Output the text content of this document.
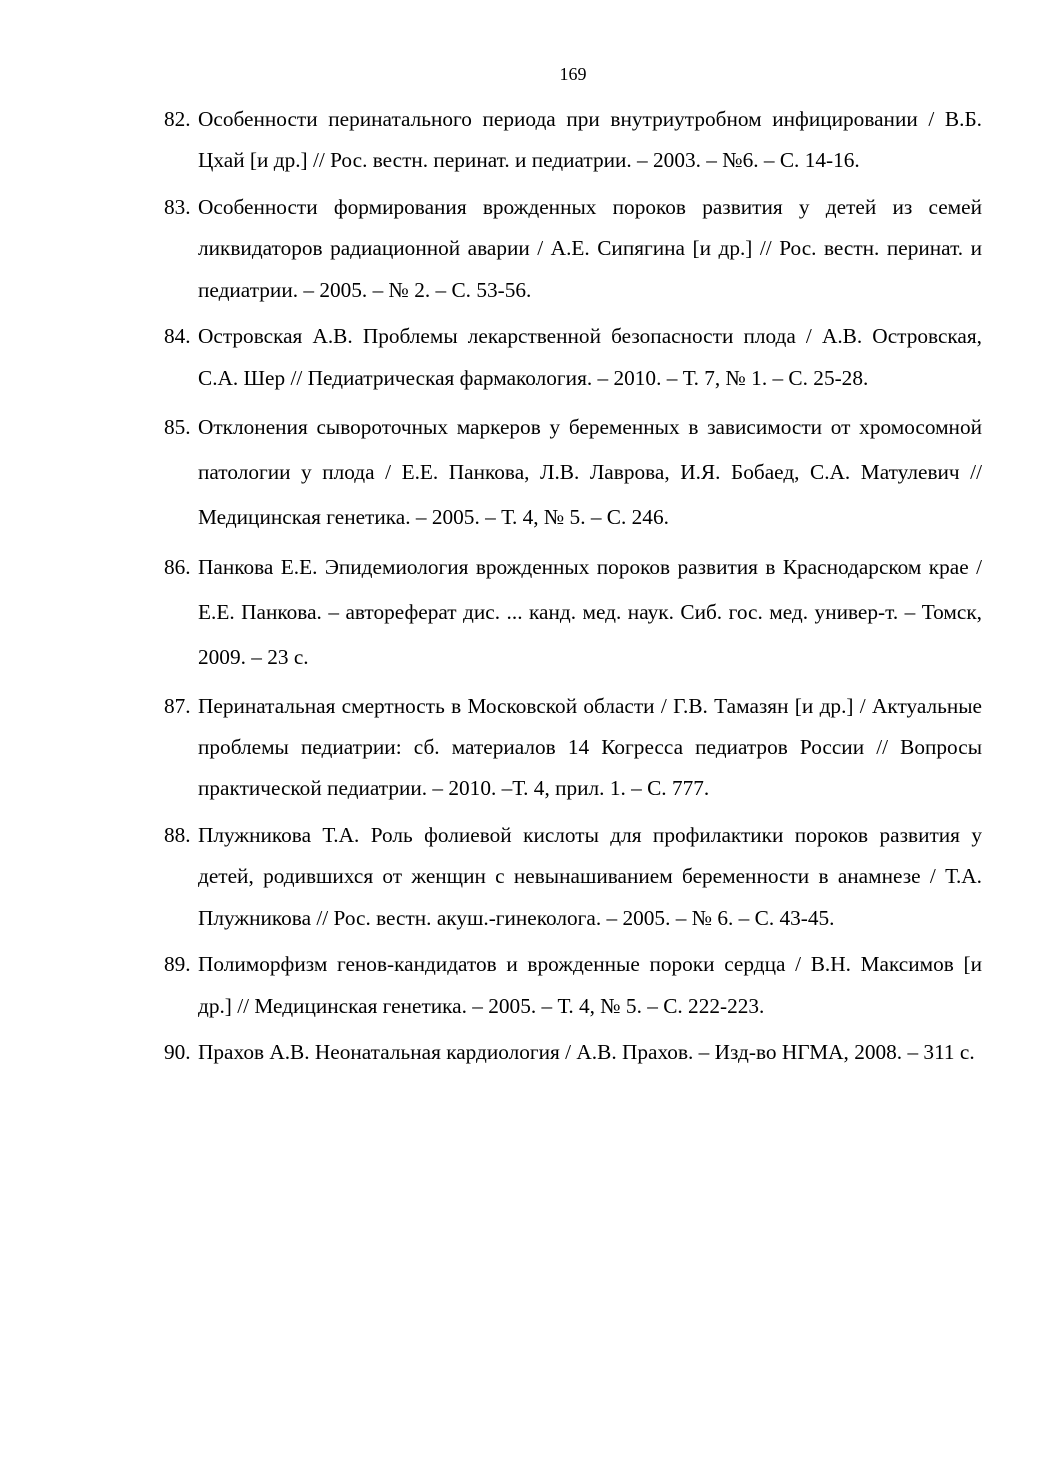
169
82. Особенности перинатального периода при внутриутробном инфицировании / В.Б. Цхай [и др.] // Рос. вестн. перинат. и педиатрии. – 2003. – №6. – С. 14-16.
83. Особенности формирования врожденных пороков развития у детей из семей ликвидаторов радиационной аварии / А.Е. Сипягина [и др.] // Рос. вестн. перинат. и педиатрии. – 2005. – № 2. – С. 53-56.
84. Островская А.В. Проблемы лекарственной безопасности плода / А.В. Островская, С.А. Шер // Педиатрическая фармакология. – 2010. – Т. 7, № 1. – С. 25-28.
85. Отклонения сывороточных маркеров у беременных в зависимости от хромосомной патологии у плода / Е.Е. Панкова, Л.В. Лаврова, И.Я. Бобаед, С.А. Матулевич // Медицинская генетика. – 2005. – Т. 4, № 5. – С. 246.
86. Панкова Е.Е. Эпидемиология врожденных пороков развития в Краснодарском крае / Е.Е. Панкова. – автореферат дис. ... канд. мед. наук. Сиб. гос. мед. универ-т. – Томск, 2009. – 23 с.
87. Перинатальная смертность в Московской области / Г.В. Тамазян [и др.] / Актуальные проблемы педиатрии: сб. материалов 14 Когресса педиатров России // Вопросы практической педиатрии. – 2010. –Т. 4, прил. 1. – С. 777.
88. Плужникова Т.А. Роль фолиевой кислоты для профилактики пороков развития у детей, родившихся от женщин с невынашиванием беременности в анамнезе / Т.А. Плужникова // Рос. вестн. акуш.-гинеколога. – 2005. – № 6. – С. 43-45.
89. Полиморфизм генов-кандидатов и врожденные пороки сердца / В.Н. Максимов [и др.] // Медицинская генетика. – 2005. – Т. 4, № 5. – С. 222-223.
90. Прахов А.В. Неонатальная кардиология / А.В. Прахов. – Изд-во НГМА, 2008. – 311 с.
